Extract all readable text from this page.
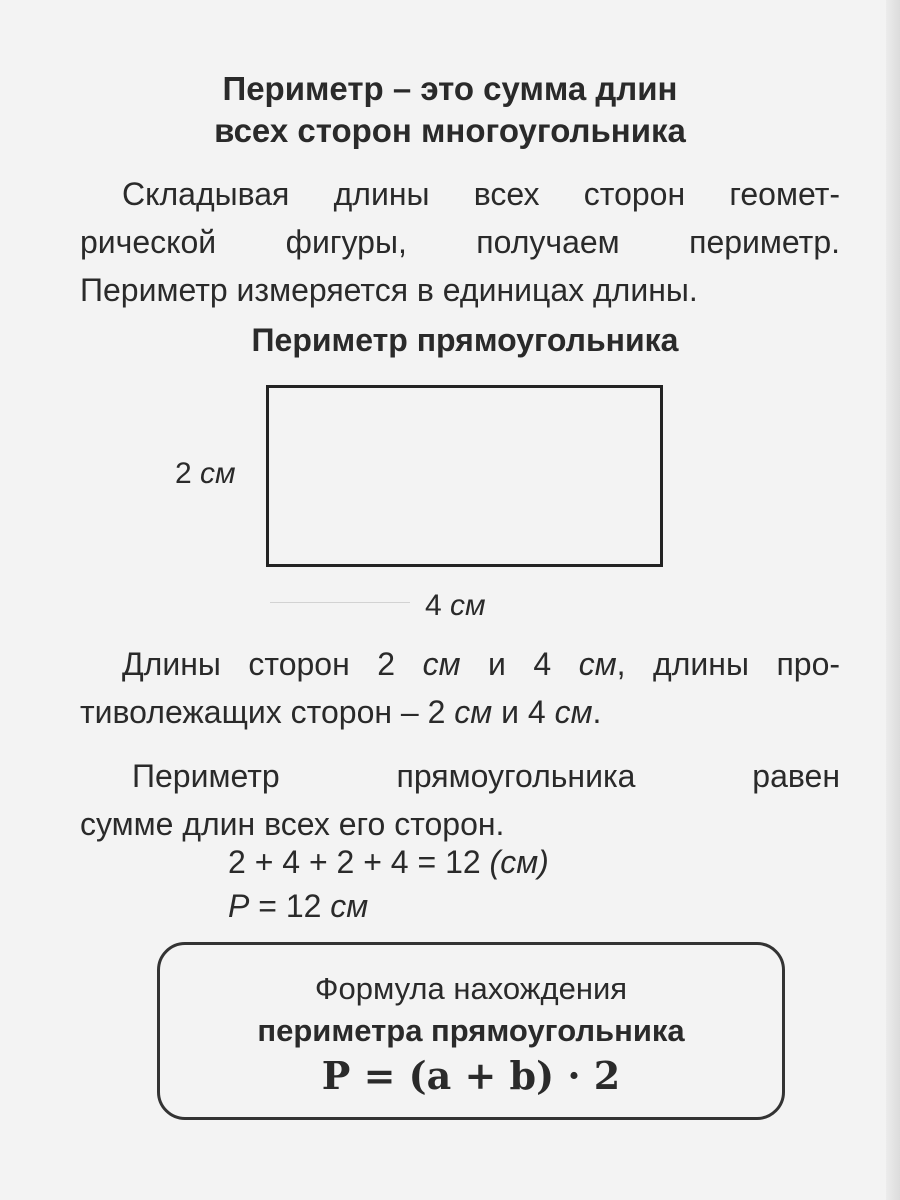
Периметр – это сумма длин
всех сторон многоугольника
Складывая длины всех сторон геомет-
рической фигуры, получаем периметр.
Периметр измеряется в единицах длины.
Периметр прямоугольника
2 см
4 см
Длины сторон 2 см и 4 см, длины про-
тиволежащих сторон – 2 см и 4 см.
Периметр прямоугольника равен
сумме длин всех его сторон.
2 + 4 + 2 + 4 = 12 (см)
P = 12 см
Формула нахождения
периметра прямоугольника
P = (a + b) · 2
